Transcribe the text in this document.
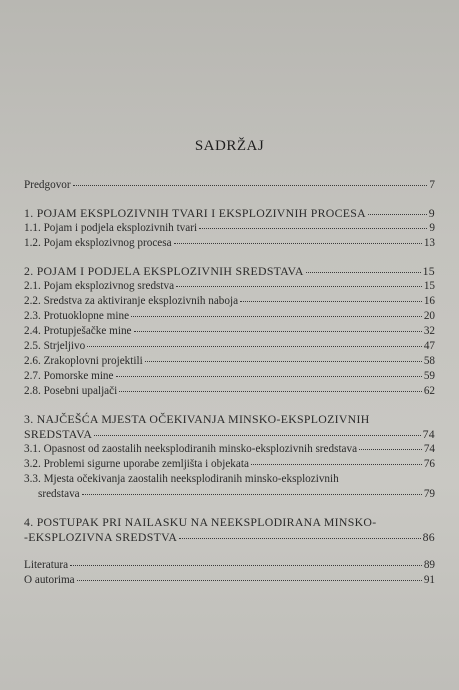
SADRŽAJ
Predgovor	7
1. POJAM EKSPLOZIVNIH TVARI I EKSPLOZIVNIH PROCESA	9
1.1. Pojam i podjela eksplozivnih tvari	9
1.2. Pojam eksplozivnog procesa	13
2. POJAM I PODJELA EKSPLOZIVNIH SREDSTAVA	15
2.1. Pojam eksplozivnog sredstva	15
2.2. Sredstva za aktiviranje eksplozivnih naboja	16
2.3. Protuoklopne mine	20
2.4. Protupješačke mine	32
2.5. Strjeljivo	47
2.6. Zrakoplovni projektili	58
2.7. Pomorske mine	59
2.8. Posebni upaljači	62
3. NAJČEŠĆA MJESTA OČEKIVANJA MINSKO-EKSPLOZIVNIH
SREDSTAVA	74
3.1. Opasnost od zaostalih neeksplodiranih minsko-eksplozivnih sredstava	74
3.2. Problemi sigurne uporabe zemljišta i objekata	76
3.3. Mjesta očekivanja zaostalih neeksplodiranih minsko-eksplozivnih
sredstava	79
4. POSTUPAK PRI NAILASKU NA NEEKSPLODIRANA MINSKO-
-EKSPLOZIVNA SREDSTVA	86
Literatura	89
O autorima	91
